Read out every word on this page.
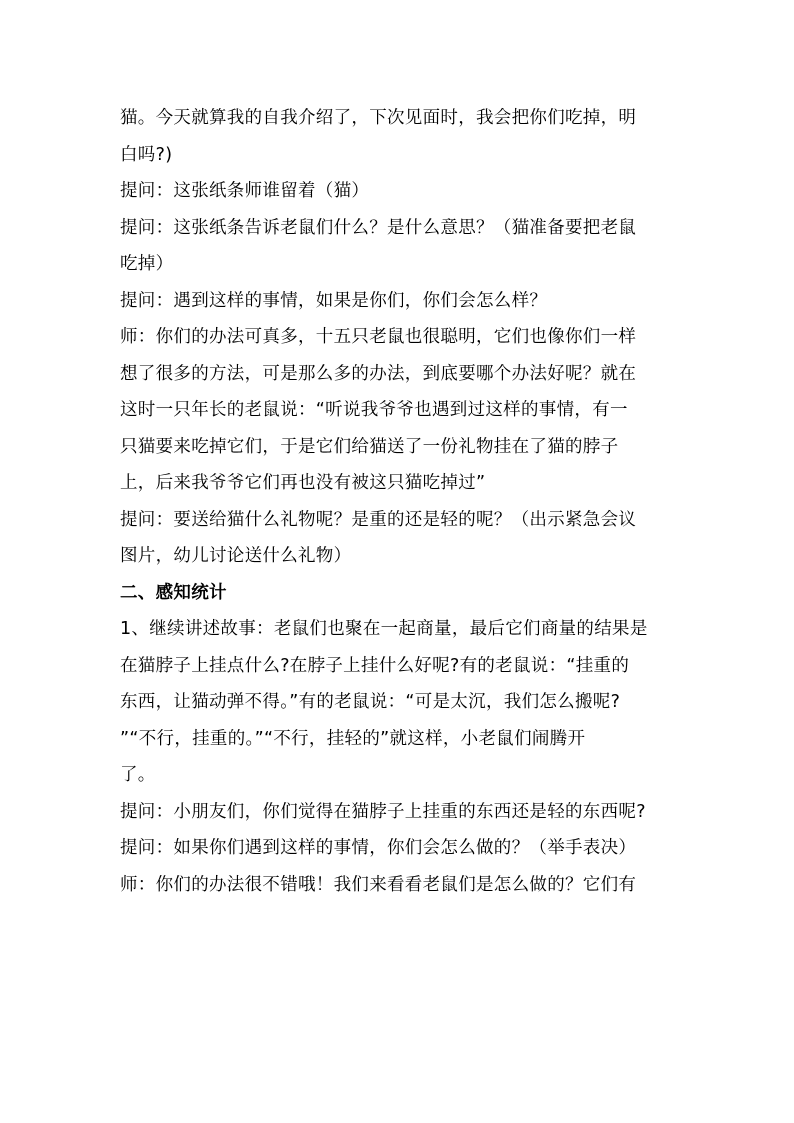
猫。今天就算我的自我介绍了，下次见面时，我会把你们吃掉，明
白吗?)
提问：这张纸条师谁留着（猫）
提问：这张纸条告诉老鼠们什么？是什么意思？（猫准备要把老鼠
吃掉）
提问：遇到这样的事情，如果是你们，你们会怎么样？
师：你们的办法可真多，十五只老鼠也很聪明，它们也像你们一样
想了很多的方法，可是那么多的办法，到底要哪个办法好呢？就在
这时一只年长的老鼠说：“听说我爷爷也遇到过这样的事情，有一
只猫要来吃掉它们，于是它们给猫送了一份礼物挂在了猫的脖子
上，后来我爷爷它们再也没有被这只猫吃掉过”
提问：要送给猫什么礼物呢？是重的还是轻的呢？（出示紧急会议
图片，幼儿讨论送什么礼物）
二、感知统计
1、继续讲述故事：老鼠们也聚在一起商量，最后它们商量的结果是
在猫脖子上挂点什么?在脖子上挂什么好呢?有的老鼠说：“挂重的
东西，让猫动弹不得。”有的老鼠说：“可是太沉，我们怎么搬呢?
”“不行，挂重的。”“不行，挂轻的”就这样，小老鼠们闹腾开
了。
提问：小朋友们，你们觉得在猫脖子上挂重的东西还是轻的东西呢?
提问：如果你们遇到这样的事情，你们会怎么做的？（举手表决）
师：你们的办法很不错哦！我们来看看老鼠们是怎么做的？它们有
